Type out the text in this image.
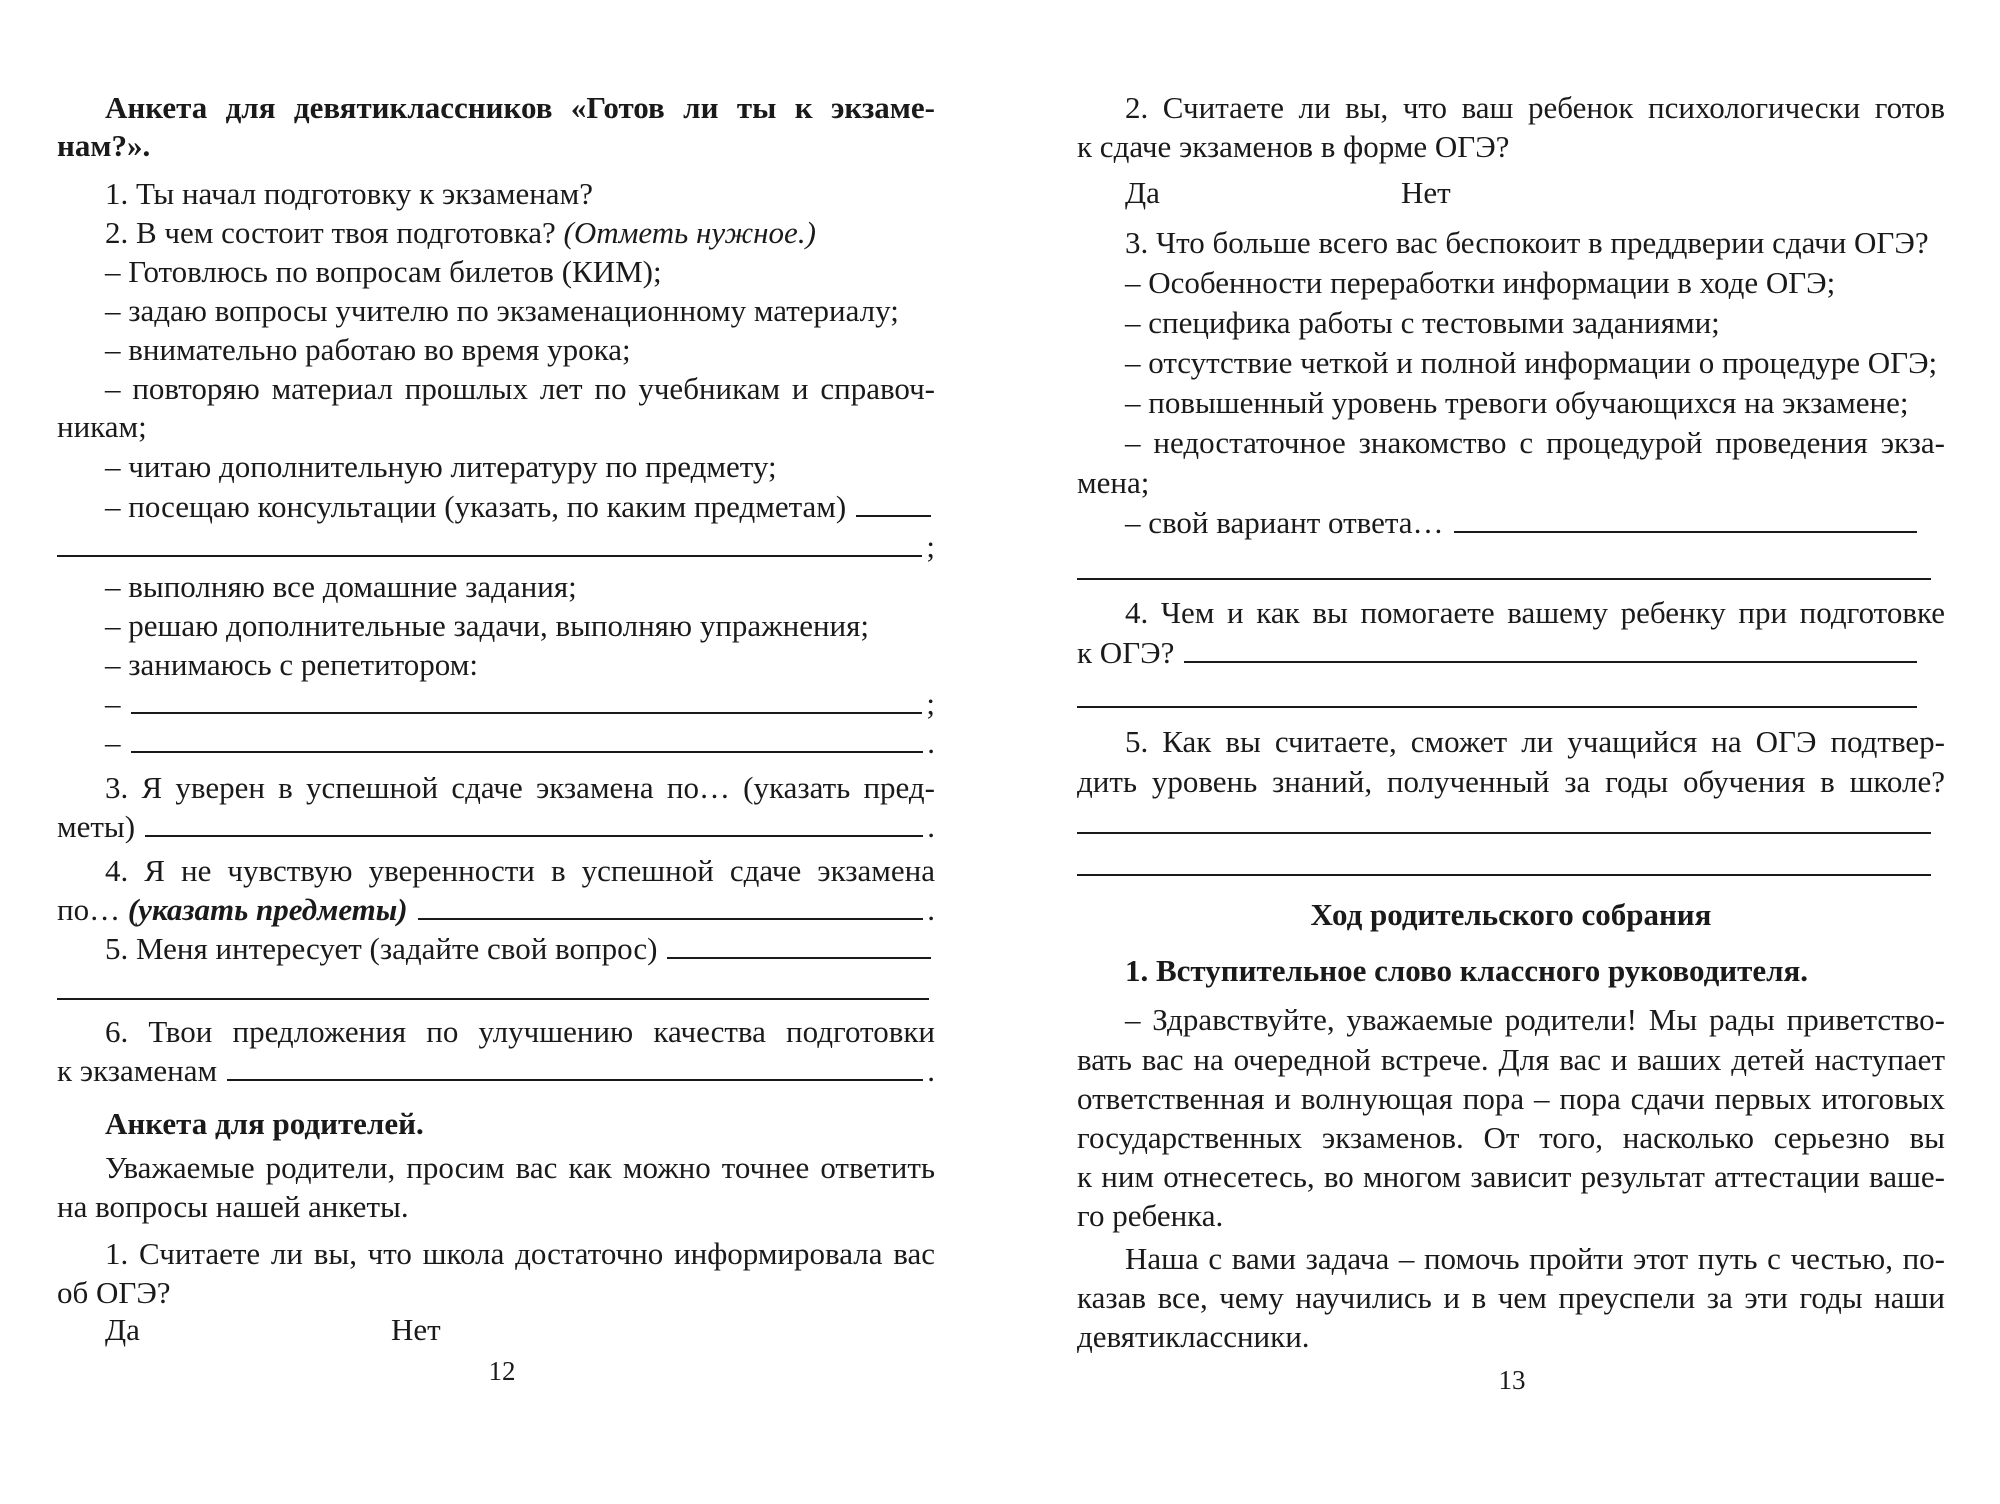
Анкета для девятиклассников «Готов ли ты к экзаме-
нам?».
1. Ты начал подготовку к экзаменам?
2. В чем состоит твоя подготовка? (Отметь нужное.)
– Готовлюсь по вопросам билетов (КИМ);
– задаю вопросы учителю по экзаменационному материалу;
– внимательно работаю во время урока;
– повторяю материал прошлых лет по учебникам и справоч-
никам;
– читаю дополнительную литературу по предмету;
– посещаю консультации (указать, по каким предметам)
;
– выполняю все домашние задания;
– решаю дополнительные задачи, выполняю упражнения;
– занимаюсь с репетитором:
–	;
–	.
3. Я уверен в успешной сдаче экзамена по… (указать пред-
меты)	.
4. Я не чувствую уверенности в успешной сдаче экзамена
по…
(указать предметы)	.
5. Меня интересует (задайте свой вопрос)
6. Твои предложения по улучшению качества подготовки
к экзаменам	.
Анкета для родителей.
Уважаемые родители, просим вас как можно точнее ответить
на вопросы нашей анкеты.
1. Считаете ли вы, что школа достаточно информировала вас
об ОГЭ?
Да	Нет
12
2. Считаете ли вы, что ваш ребенок психологически готов
к сдаче экзаменов в форме ОГЭ?
Да	Нет
3. Что больше всего вас беспокоит в преддверии сдачи ОГЭ?
– Особенности переработки информации в ходе ОГЭ;
– специфика работы с тестовыми заданиями;
– отсутствие четкой и полной информации о процедуре ОГЭ;
– повышенный уровень тревоги обучающихся на экзамене;
– недостаточное знакомство с процедурой проведения экза-
мена;
– свой вариант ответа…
4. Чем и как вы помогаете вашему ребенку при подготовке
к ОГЭ?
5. Как вы считаете, сможет ли учащийся на ОГЭ подтвер-
дить уровень знаний, полученный за годы обучения в школе?
Ход родительского собрания
1. Вступительное слово классного руководителя.
– Здравствуйте, уважаемые родители! Мы рады приветство-
вать вас на очередной встрече. Для вас и ваших детей наступает
ответственная и волнующая пора – пора сдачи первых итоговых
государственных экзаменов. От того, насколько серьезно вы
к ним отнесетесь, во многом зависит результат аттестации ваше-
го ребенка.
Наша с вами задача – помочь пройти этот путь с честью, по-
казав все, чему научились и в чем преуспели за эти годы наши
девятиклассники.
13
